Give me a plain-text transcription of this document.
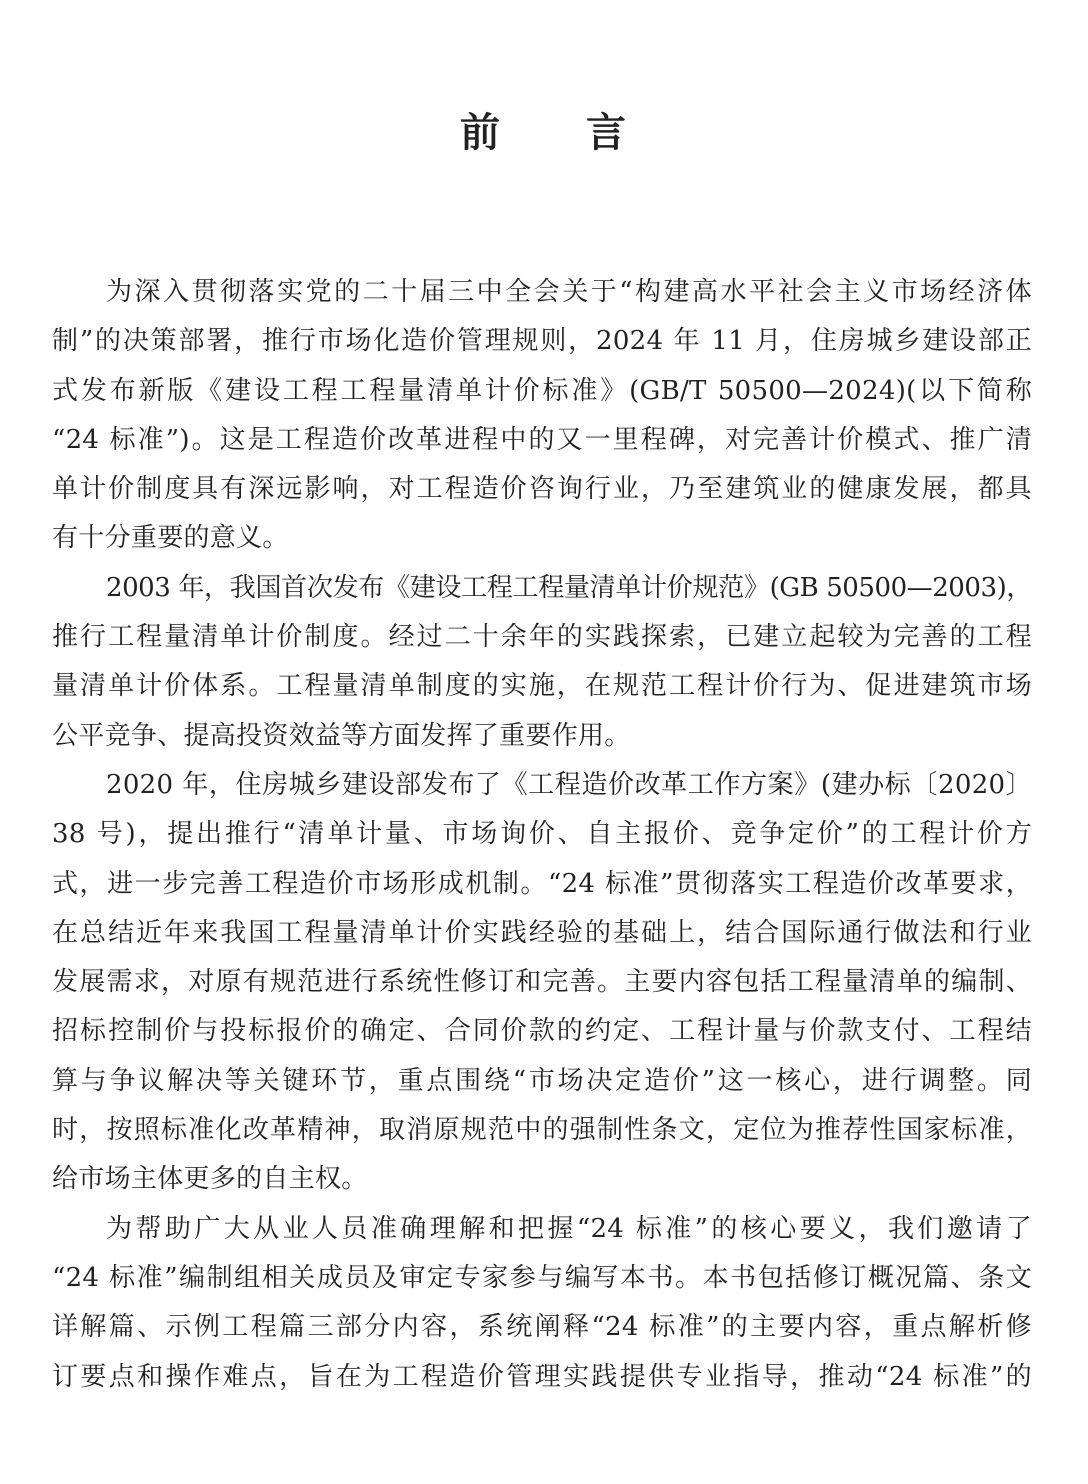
前 言

为深入贯彻落实党的二十届三中全会关于“构建高水平社会主义市场经济体
制”的决策部署，推行市场化造价管理规则，2024 年 11 月，住房城乡建设部正
式发布新版《建设工程工程量清单计价标准》(GB/T 50500—2024)(以下简称
“24 标准”)。这是工程造价改革进程中的又一里程碑，对完善计价模式、推广清
单计价制度具有深远影响，对工程造价咨询行业，乃至建筑业的健康发展，都具
有十分重要的意义。

2003 年，我国首次发布《建设工程工程量清单计价规范》(GB 50500—2003)，
推行工程量清单计价制度。经过二十余年的实践探索，已建立起较为完善的工程
量清单计价体系。工程量清单制度的实施，在规范工程计价行为、促进建筑市场
公平竞争、提高投资效益等方面发挥了重要作用。

2020 年，住房城乡建设部发布了《工程造价改革工作方案》(建办标〔2020〕
38 号)，提出推行“清单计量、市场询价、自主报价、竞争定价”的工程计价方
式，进一步完善工程造价市场形成机制。“24 标准”贯彻落实工程造价改革要求，
在总结近年来我国工程量清单计价实践经验的基础上，结合国际通行做法和行业
发展需求，对原有规范进行系统性修订和完善。主要内容包括工程量清单的编制、
招标控制价与投标报价的确定、合同价款的约定、工程计量与价款支付、工程结
算与争议解决等关键环节，重点围绕“市场决定造价”这一核心，进行调整。同
时，按照标准化改革精神，取消原规范中的强制性条文，定位为推荐性国家标准，
给市场主体更多的自主权。

为帮助广大从业人员准确理解和把握“24 标准”的核心要义，我们邀请了
“24 标准”编制组相关成员及审定专家参与编写本书。本书包括修订概况篇、条文
详解篇、示例工程篇三部分内容，系统阐释“24 标准”的主要内容，重点解析修
订要点和操作难点，旨在为工程造价管理实践提供专业指导，推动“24 标准”的
